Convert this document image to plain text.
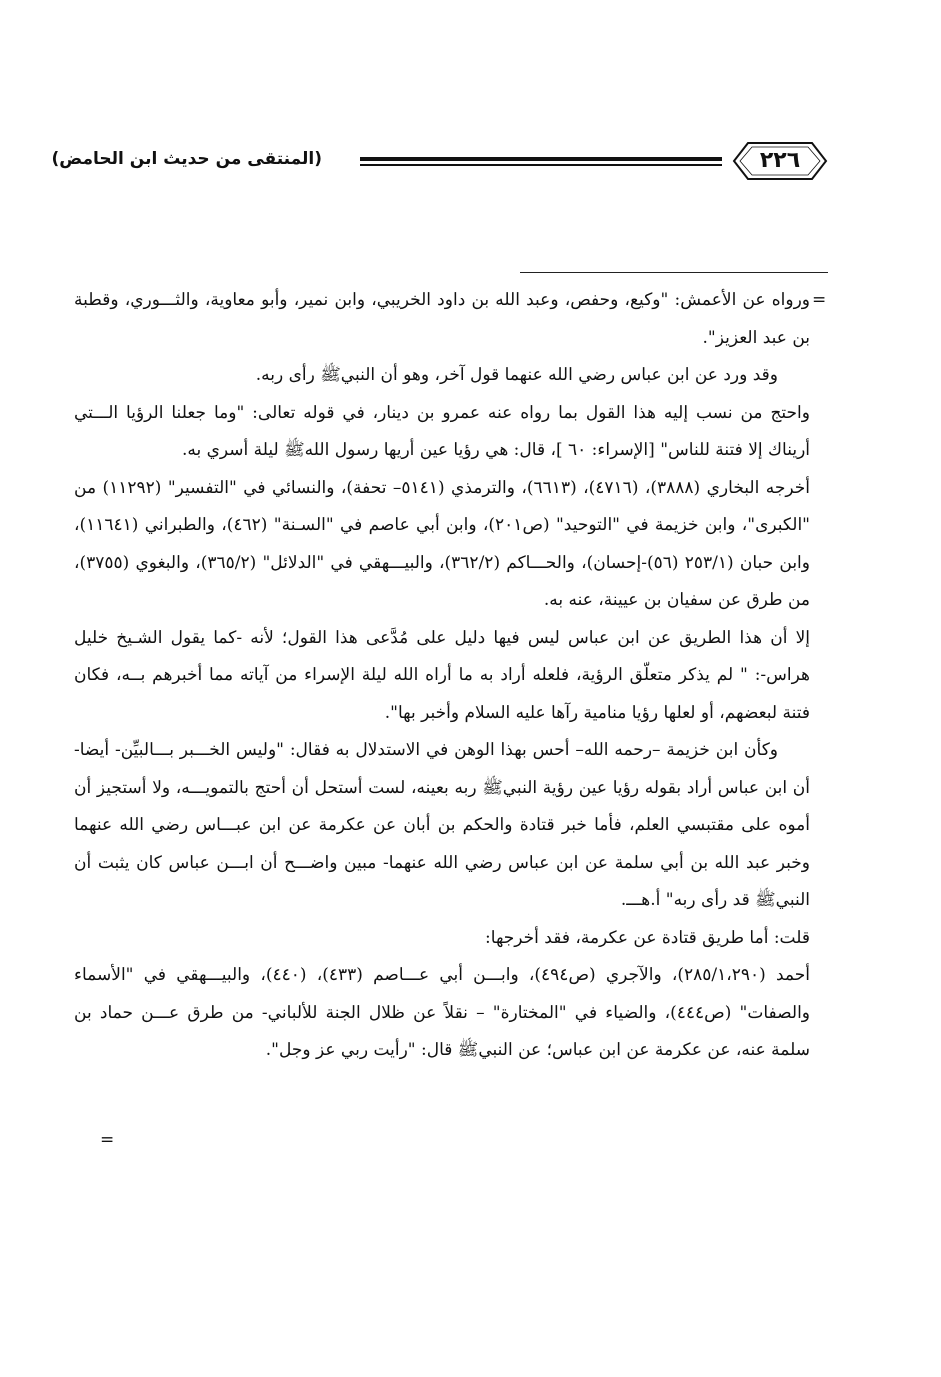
(المنتقى من حديث ابن الحامض)	٢٢٦
=

ورواه عن الأعمش: "وكيع، وحفص، وعبد الله بن داود الخريبي، وابن نمير، وأبو معاوية، والثـــوري، وقطبة بن عبد العزيز".

وقد ورد عن ابن عباس رضي الله عنهما قول آخر، وهو أن النبيﷺ رأى ربه.

واحتج من نسب إليه هذا القول بما رواه عنه عمرو بن دينار، في قوله تعالى: "وما جعلنا الرؤيا الـــتي أريناك إلا فتنة للناس" [الإسراء: ٦٠ ]، قال: هي رؤيا عين أريها رسول اللهﷺ ليلة أسري به.

أخرجه البخاري (٣٨٨٨)، (٤٧١٦)، (٦٦١٣)، والترمذي (٥١٤١– تحفة)، والنسائي في "التفسير" (١١٢٩٢) من "الكبرى"، وابن خزيمة في "التوحيد" (ص٢٠١)، وابن أبي عاصم في "السـنة" (٤٦٢)، والطبراني (١١٦٤١)، وابن حبان (٢٥٣/١ (٥٦)-إحسان)، والحـــاكم (٣٦٢/٢)، والبيـــهقي في "الدلائل" (٣٦٥/٢)، والبغوي (٣٧٥٥)، من طرق عن سفيان بن عيينة، عنه به.

إلا أن هذا الطريق عن ابن عباس ليس فيها دليل على مُدَّعى هذا القول؛ لأنه -كما يقول الشـيخ خليل هراس-: " لم يذكر متعلّق الرؤية، فلعله أراد به ما أراه الله ليلة الإسراء من آياته مما أخبرهم بــه، فكان فتنة لبعضهم، أو لعلها رؤيا منامية رآها عليه السلام وأخبر بها".

وكأن ابن خزيمة –رحمه الله– أحس بهذا الوهن في الاستدلال به فقال: "وليس الخـــبر بـــالبيِّن- أيضا- أن ابن عباس أراد بقوله رؤيا عين رؤية النبيﷺ ربه بعينه، لست أستحل أن أحتج بالتمويـــه، ولا أستجيز أن أموه على مقتبسي العلم، فأما خبر قتادة والحكم بن أبان عن عكرمة عن ابن عبـــاس رضي الله عنهما وخبر عبد الله بن أبي سلمة عن ابن عباس رضي الله عنهما- مبين واضـــح أن ابـــن عباس كان يثبت أن النبيﷺ قد رأى ربه" أ.هـــ.

قلت: أما طريق قتادة عن عكرمة، فقد أخرجها:

أحمد (٢٨٥/١،٢٩٠)، والآجري (ص٤٩٤)، وابـــن أبي عـــاصم (٤٣٣)، (٤٤٠)، والبيـــهقي في "الأسماء والصفات" (ص٤٤٤)، والضياء في "المختارة" – نقلاً عن ظلال الجنة للألباني- من طرق عـــن حماد بن سلمة عنه، عن عكرمة عن ابن عباس؛ عن النبيﷺ قال: "رأيت ربي عز وجل".

=
